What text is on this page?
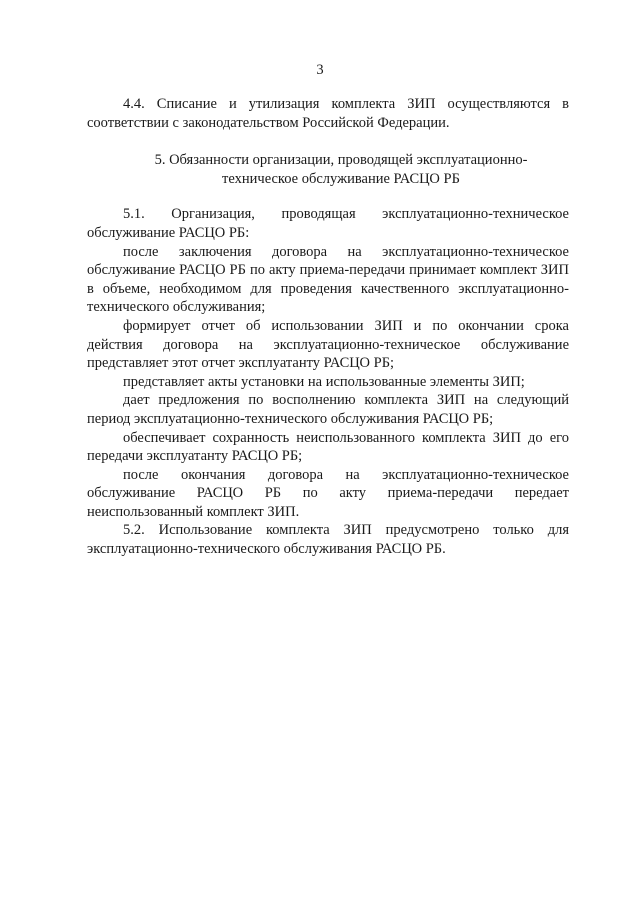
3

4.4. Списание и утилизация комплекта ЗИП осуществляются в соответствии с законодательством Российской Федерации.

5. Обязанности организации, проводящей эксплуатационно-
техническое обслуживание РАСЦО РБ

5.1. Организация, проводящая эксплуатационно-техническое обслуживание РАСЦО РБ:

после заключения договора на эксплуатационно-техническое обслуживание РАСЦО РБ по акту приема-передачи принимает комплект ЗИП в объеме, необходимом для проведения качественного эксплуатационно-технического обслуживания;

формирует отчет об использовании ЗИП и по окончании срока действия договора на эксплуатационно-техническое обслуживание представляет этот отчет эксплуатанту РАСЦО РБ;

представляет акты установки на использованные элементы ЗИП;

дает предложения по восполнению комплекта ЗИП на следующий период эксплуатационно-технического обслуживания РАСЦО РБ;

обеспечивает сохранность неиспользованного комплекта ЗИП до его передачи эксплуатанту РАСЦО РБ;

после окончания договора на эксплуатационно-техническое обслуживание РАСЦО РБ по акту приема-передачи передает неиспользованный комплект ЗИП.

5.2. Использование комплекта ЗИП предусмотрено только для эксплуатационно-технического обслуживания РАСЦО РБ.
